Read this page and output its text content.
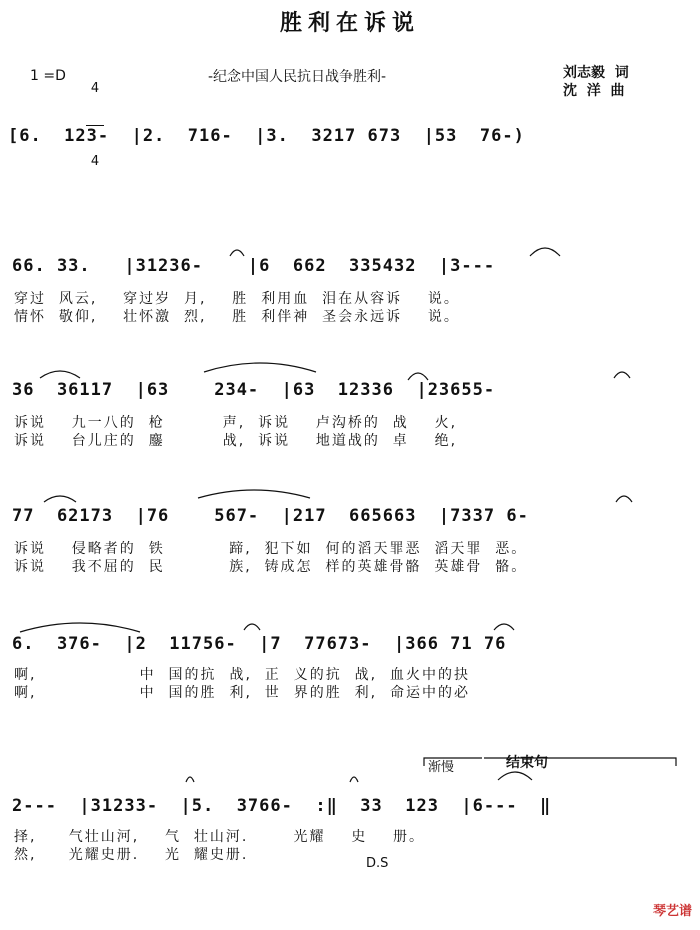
胜利在诉说
1 =D

4

4

-纪念中国人民抗日战争胜利-	刘志毅  词
沈  洋  曲
[6.  123-  |2.  716-  |3.  3217 673  |53  76-)
66. 33.   |31236-    |6  662  335432  |3---
穿过  风云,    穿过岁  月,    胜  利用血  泪在从容诉    说。
情怀  敬仰,    壮怀激  烈,    胜  利伴神  圣会永远诉    说。
36  36117  |63    234-  |63  12336  |23655-
诉说    九一八的  枪         声,  诉说    卢沟桥的  战    火,
诉说    台儿庄的  鏖         战,  诉说    地道战的  卓    绝,
77  62173  |76    567-  |217  665663  |7337 6-
诉说    侵略者的  铁          蹄,  犯下如  何的滔天罪恶  滔天罪  恶。
诉说    我不屈的  民          族,  铸成怎  样的英雄骨骼  英雄骨  骼。
6.  376-  |2  11756-  |7  77673-  |366 71 76
啊,                中  国的抗  战,  正  义的抗  战,  血火中的抉
啊,                中  国的胜  利,  世  界的胜  利,  命运中的必
渐慢	结束句
2---  |31233-  |5.  3766-  :‖  33  123  |6---  ‖
择,     气壮山河,    气  壮山河.       光耀    史    册。
然,     光耀史册.    光  耀史册.
D.S
琴艺谱
